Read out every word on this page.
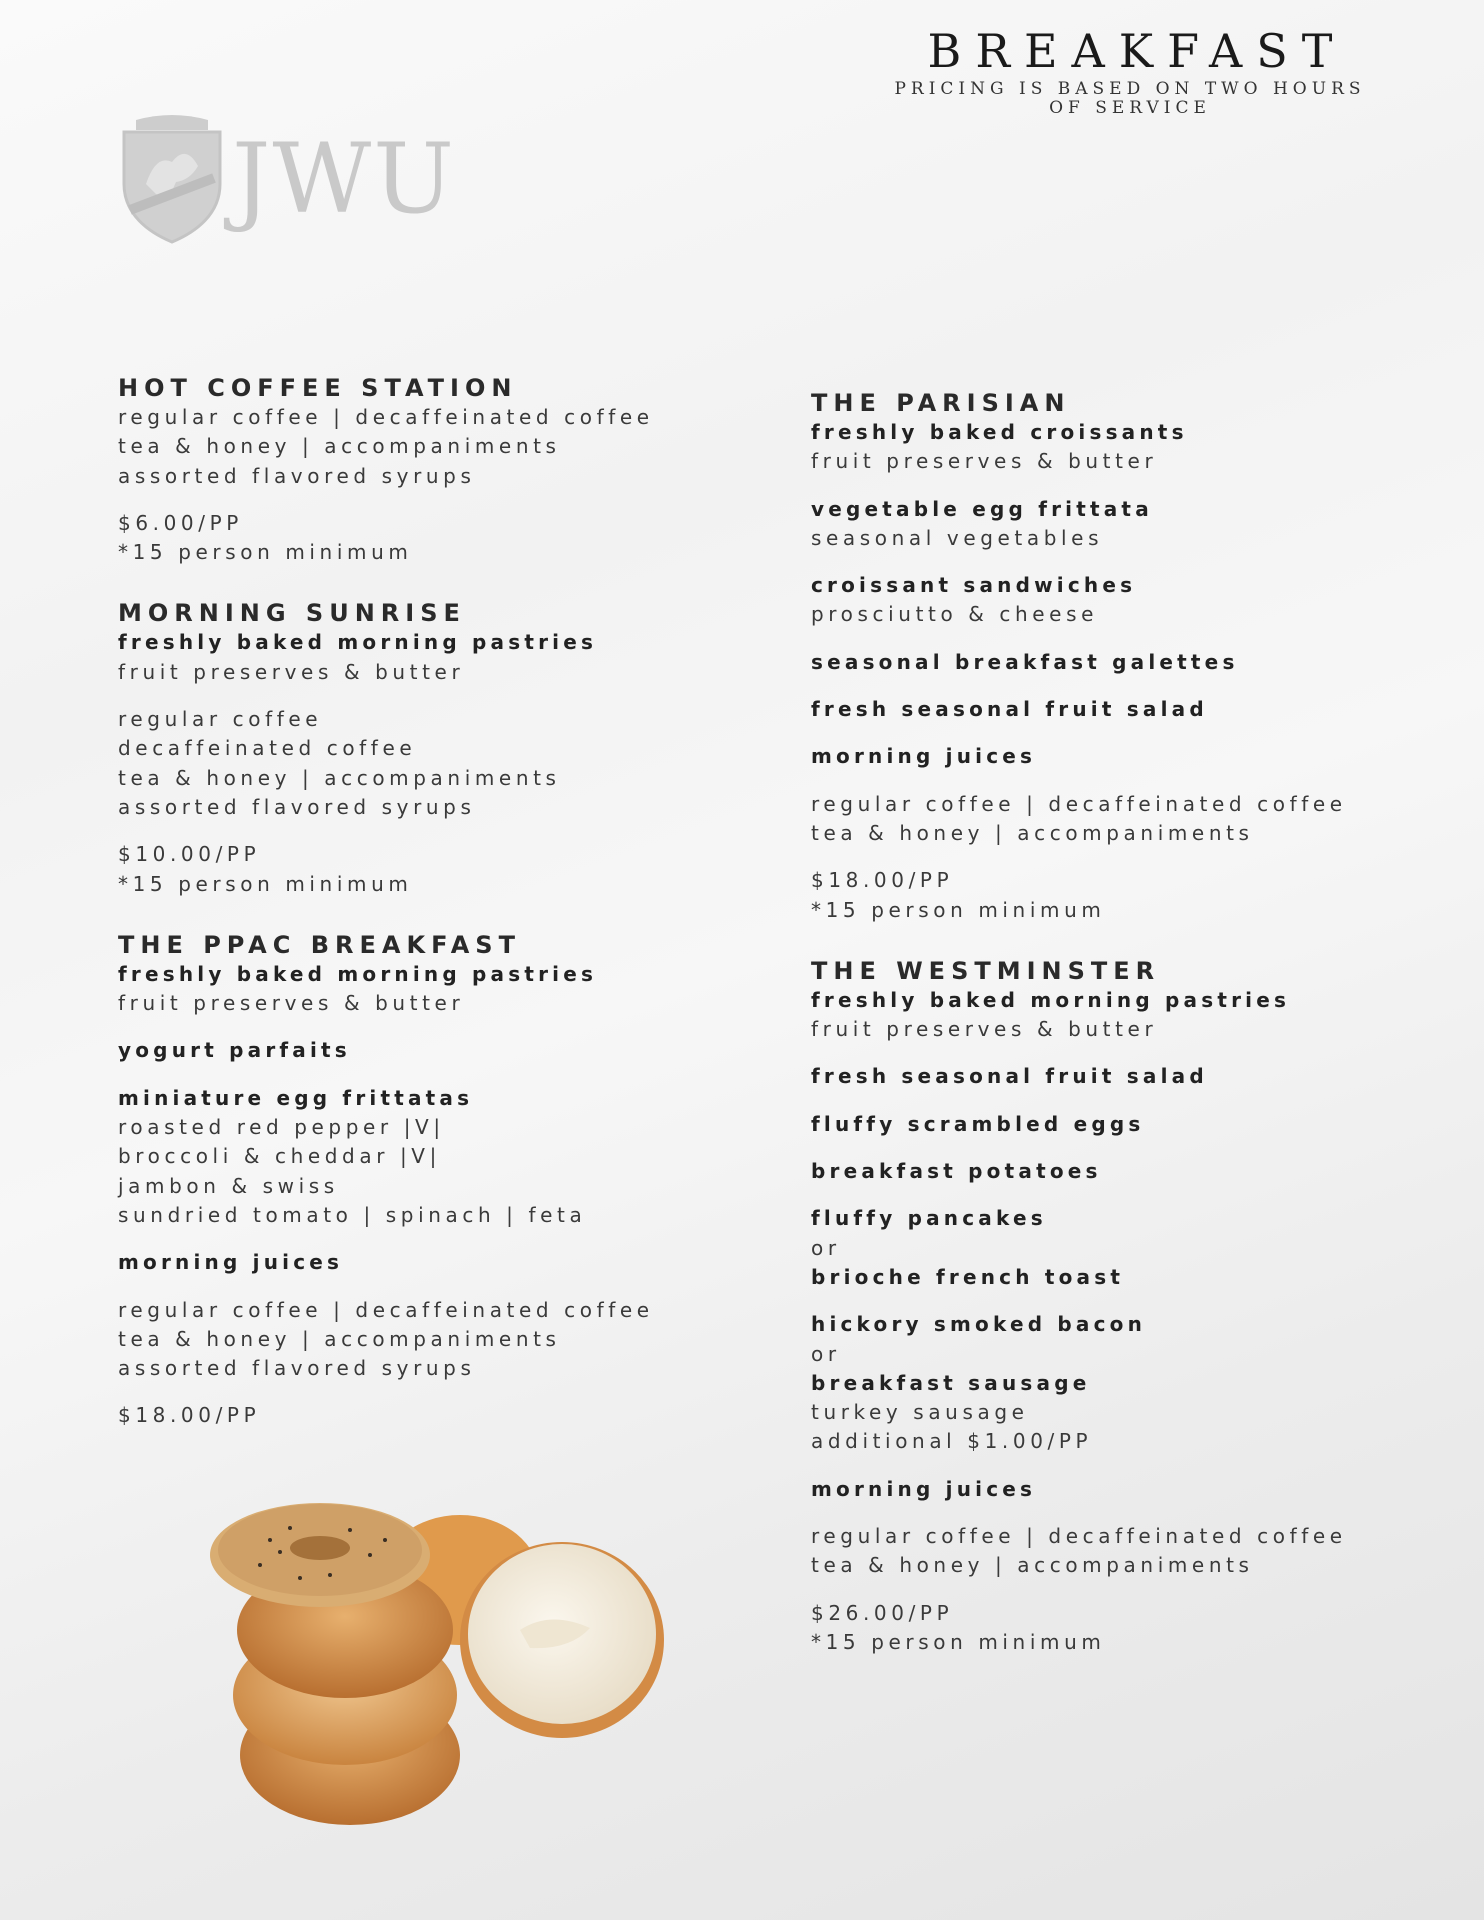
BREAKFAST
PRICING IS BASED ON TWO HOURS
OF SERVICE
JWU
HOT COFFEE STATION
regular coffee | decaffeinated coffee
tea & honey | accompaniments
assorted flavored syrups
$6.00/PP
*15 person minimum
MORNING SUNRISE
freshly baked morning pastries
fruit preserves & butter
regular coffee
decaffeinated coffee
tea & honey | accompaniments
assorted flavored syrups
$10.00/PP
*15 person minimum
THE PPAC BREAKFAST
freshly baked morning pastries
fruit preserves & butter
yogurt parfaits
miniature egg frittatas
roasted red pepper |V|
broccoli & cheddar |V|
jambon & swiss
sundried tomato | spinach | feta
morning juices
regular coffee | decaffeinated coffee
tea & honey | accompaniments
assorted flavored syrups
$18.00/PP
THE PARISIAN
freshly baked croissants
fruit preserves & butter
vegetable egg frittata
seasonal vegetables
croissant sandwiches
prosciutto & cheese
seasonal breakfast galettes
fresh seasonal fruit salad
morning juices
regular coffee | decaffeinated coffee
tea & honey | accompaniments
$18.00/PP
*15 person minimum
THE WESTMINSTER
freshly baked morning pastries
fruit preserves & butter
fresh seasonal fruit salad
fluffy scrambled eggs
breakfast potatoes
fluffy pancakes
or
brioche french toast
hickory smoked bacon
or
breakfast sausage
turkey sausage
additional $1.00/PP
morning juices
regular coffee | decaffeinated coffee
tea & honey | accompaniments
$26.00/PP
*15 person minimum
